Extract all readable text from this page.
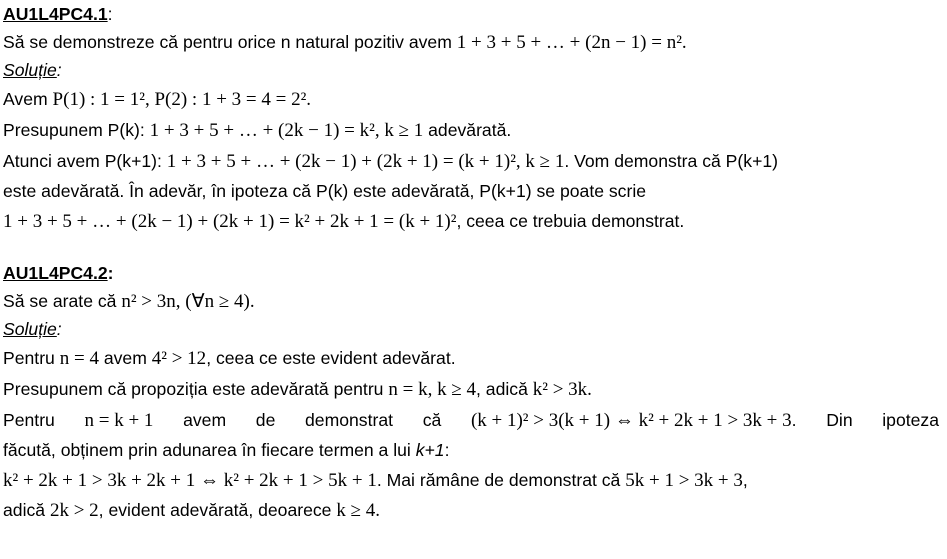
AU1L4PC4.1:
Să se demonstreze că pentru orice n natural pozitiv avem 1 + 3 + 5 + … + (2n − 1) = n².
Soluție:
Avem P(1) : 1 = 1², P(2) : 1 + 3 = 4 = 2².
Presupunem P(k): 1 + 3 + 5 + … + (2k − 1) = k², k ≥ 1 adevărată.
Atunci avem P(k+1): 1 + 3 + 5 + … + (2k − 1) + (2k + 1) = (k + 1)², k ≥ 1. Vom demonstra că P(k+1)
este adevărată. În adevăr, în ipoteza că P(k) este adevărată, P(k+1) se poate scrie
1 + 3 + 5 + … + (2k − 1) + (2k + 1) = k² + 2k + 1 = (k + 1)², ceea ce trebuia demonstrat.
AU1L4PC4.2:
Să se arate că n² > 3n, (∀n ≥ 4).
Soluție:
Pentru n = 4 avem 4² > 12, ceea ce este evident adevărat.
Presupunem că propoziția este adevărată pentru n = k, k ≥ 4, adică k² > 3k.
Pentru n = k + 1 avem de demonstrat că (k + 1)² > 3(k + 1) ⇔ k² + 2k + 1 > 3k + 3. Din ipoteza
făcută, obținem prin adunarea în fiecare termen a lui k+1:
k² + 2k + 1 > 3k + 2k + 1 ⇔ k² + 2k + 1 > 5k + 1. Mai rămâne de demonstrat că 5k + 1 > 3k + 3,
adică 2k > 2, evident adevărată, deoarece k ≥ 4.
